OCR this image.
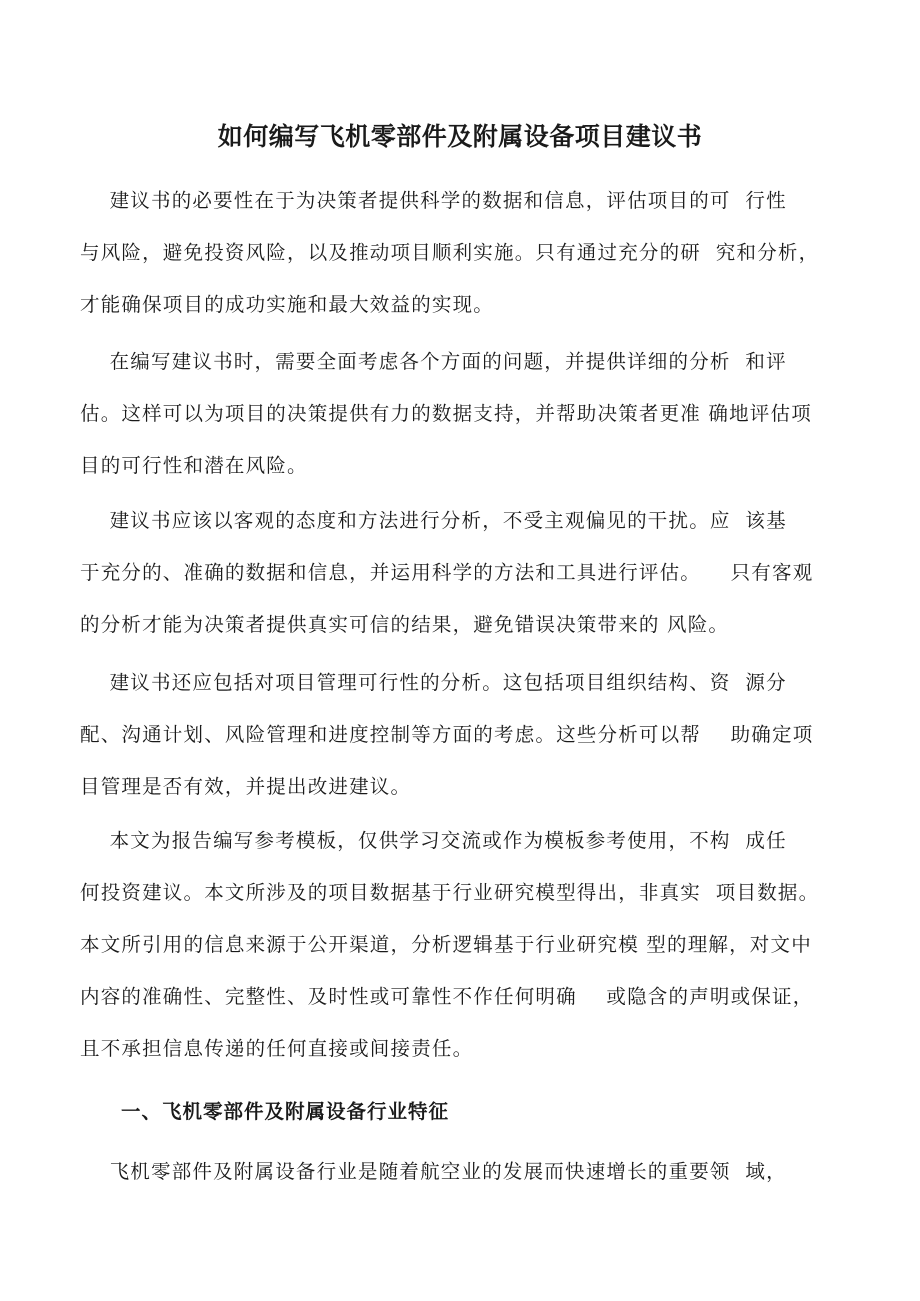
如何编写飞机零部件及附属设备项目建议书
建议书的必要性在于为决策者提供科学的数据和信息，评估项目的可  行性
与风险，避免投资风险，以及推动项目顺利实施。只有通过充分的研  究和分析，
才能确保项目的成功实施和最大效益的实现。
在编写建议书时，需要全面考虑各个方面的问题，并提供详细的分析  和评
估。这样可以为项目的决策提供有力的数据支持，并帮助决策者更准 确地评估项
目的可行性和潜在风险。
建议书应该以客观的态度和方法进行分析，不受主观偏见的干扰。应  该基
于充分的、准确的数据和信息，并运用科学的方法和工具进行评估。    只有客观
的分析才能为决策者提供真实可信的结果，避免错误决策带来的 风险。
建议书还应包括对项目管理可行性的分析。这包括项目组织结构、资  源分
配、沟通计划、风险管理和进度控制等方面的考虑。这些分析可以帮    助确定项
目管理是否有效，并提出改进建议。
本文为报告编写参考模板，仅供学习交流或作为模板参考使用，不构  成任
何投资建议。本文所涉及的项目数据基于行业研究模型得出，非真实  项目数据。
本文所引用的信息来源于公开渠道，分析逻辑基于行业研究模 型的理解，对文中
内容的准确性、完整性、及时性或可靠性不作任何明确    或隐含的声明或保证，
且不承担信息传递的任何直接或间接责任。
一、飞机零部件及附属设备行业特征
飞机零部件及附属设备行业是随着航空业的发展而快速增长的重要领  域，
